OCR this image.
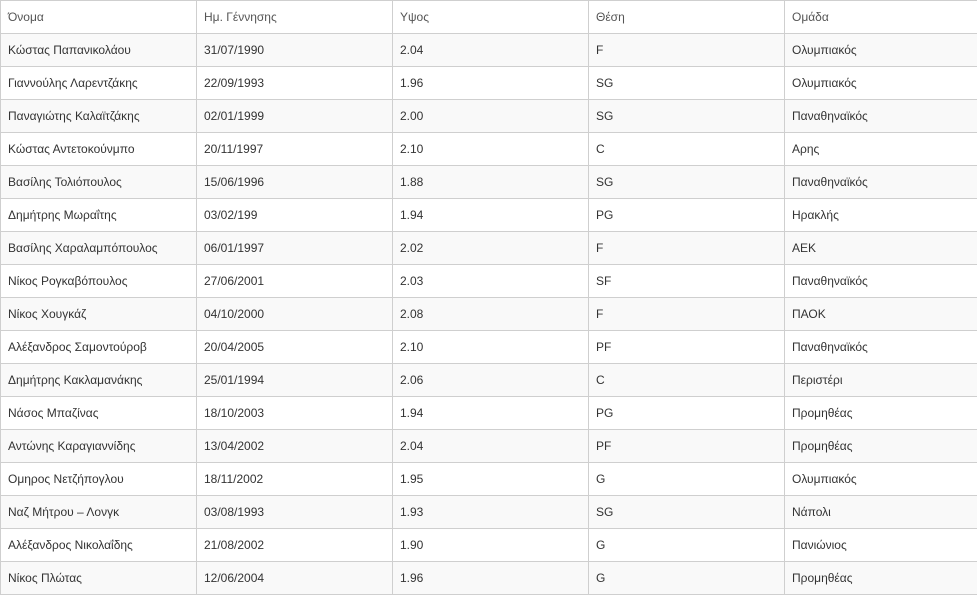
Όνομα	Ημ. Γέννησης	Υψος	Θέση	Ομάδα
Κώστας Παπανικολάου	31/07/1990	2.04	F	Ολυμπιακός
Γιαννούλης Λαρεντζάκης	22/09/1993	1.96	SG	Ολυμπιακός
Παναγιώτης Καλαϊτζάκης	02/01/1999	2.00	SG	Παναθηναϊκός
Κώστας Αντετοκούνμπο	20/11/1997	2.10	C	Αρης
Βασίλης Τολιόπουλος	15/06/1996	1.88	SG	Παναθηναϊκός
Δημήτρης Μωραΐτης	03/02/199	1.94	PG	Ηρακλής
Βασίλης Χαραλαμπόπουλος	06/01/1997	2.02	F	ΑΕΚ
Νίκος Ρογκαβόπουλος	27/06/2001	2.03	SF	Παναθηναϊκός
Νίκος Χουγκάζ	04/10/2000	2.08	F	ΠΑΟΚ
Αλέξανδρος Σαμοντούροβ	20/04/2005	2.10	PF	Παναθηναϊκός
Δημήτρης Κακλαμανάκης	25/01/1994	2.06	C	Περιστέρι
Νάσος Μπαζίνας	18/10/2003	1.94	PG	Προμηθέας
Αντώνης Καραγιαννίδης	13/04/2002	2.04	PF	Προμηθέας
Ομηρος Νετζήπογλου	18/11/2002	1.95	G	Ολυμπιακός
Ναζ Μήτρου – Λονγκ	03/08/1993	1.93	SG	Νάπολι
Αλέξανδρος Νικολαΐδης	21/08/2002	1.90	G	Πανιώνιος
Νίκος Πλώτας	12/06/2004	1.96	G	Προμηθέας
